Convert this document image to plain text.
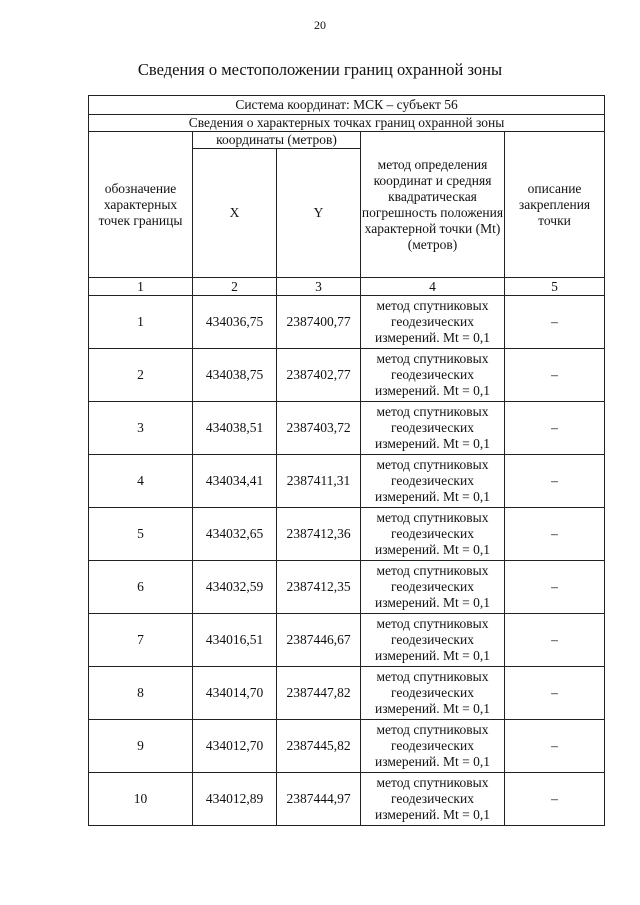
20
Сведения о местоположении границ охранной зоны
Система координат: МСК – субъект 56				
Сведения о характерных точках границ охранной зоны				
обозначение характерных точек границы	координаты (метров)		метод определения координат и средняя квадратическая погрешность положения характерной точки (Mt) (метров)	описание закрепления точки
	X	Y		
1	2	3	4	5
1	434036,75	2387400,77	метод спутниковых геодезических измерений. Mt = 0,1	–
2	434038,75	2387402,77	метод спутниковых геодезических измерений. Mt = 0,1	–
3	434038,51	2387403,72	метод спутниковых геодезических измерений. Mt = 0,1	–
4	434034,41	2387411,31	метод спутниковых геодезических измерений. Mt = 0,1	–
5	434032,65	2387412,36	метод спутниковых геодезических измерений. Mt = 0,1	–
6	434032,59	2387412,35	метод спутниковых геодезических измерений. Mt = 0,1	–
7	434016,51	2387446,67	метод спутниковых геодезических измерений. Mt = 0,1	–
8	434014,70	2387447,82	метод спутниковых геодезических измерений. Mt = 0,1	–
9	434012,70	2387445,82	метод спутниковых геодезических измерений. Mt = 0,1	–
10	434012,89	2387444,97	метод спутниковых геодезических измерений. Mt = 0,1	–
